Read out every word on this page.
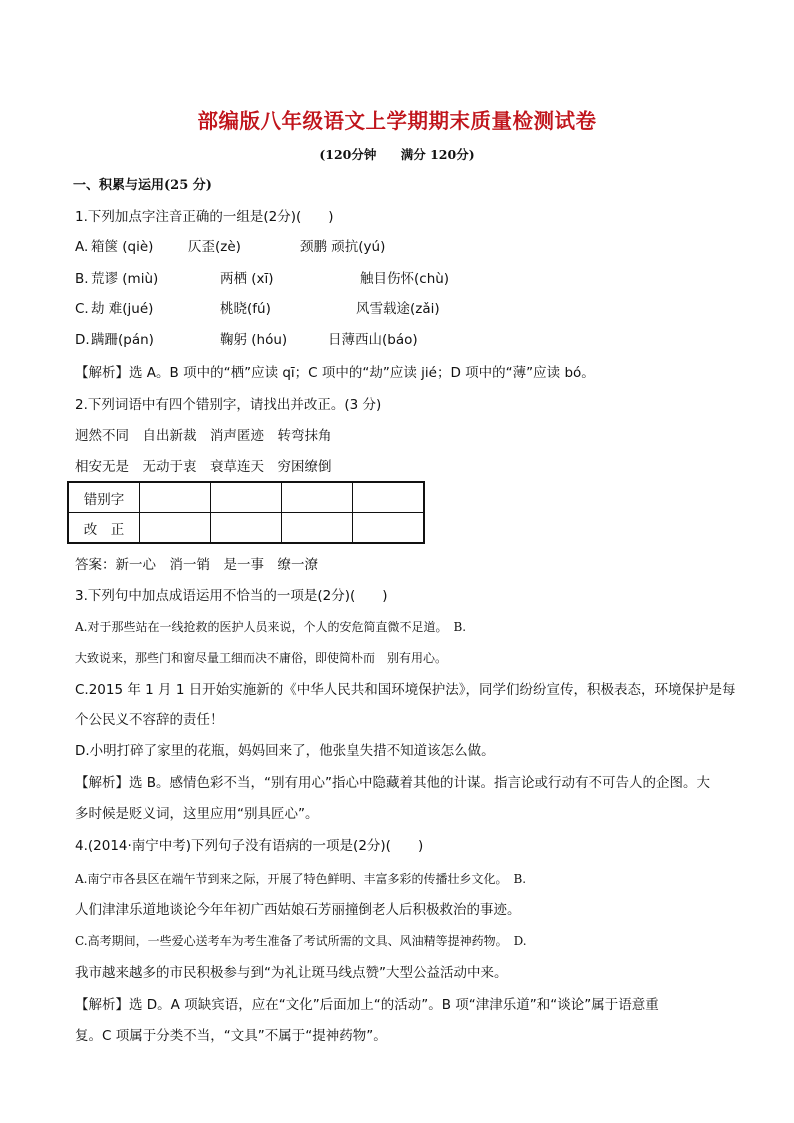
部编版八年级语文上学期期末质量检测试卷
(120分钟 满分 120分)
一、积累与运用(25 分)
1.下列加点字注音正确的一组是(2分)(　　)
A. 箱箧 (qiè)	仄歪(zè)	颈鹏 顽抗(yú)
B. 荒谬 (miù)	两栖 (xī)	触目伤怀(chù)
C. 劫 难(jué)	桃晓(fú)	风雪载途(zǎi)
D. 蹒跚(pán)	鞠躬 (hóu)	日薄西山(báo)
【解析】选 A。B 项中的“栖”应读 qī；C 项中的“劫”应读 jié；D 项中的“薄”应读 bó。
2.下列词语中有四个错别字，请找出并改正。(3 分)
迥然不同　自出新裁　消声匿迹　转弯抹角
相安无是　无动于衷　衰草连天　穷困缭倒
错别字				
改　正				
答案：新一心　消一销　是一事　缭一潦
3.下列句中加点成语运用不恰当的一项是(2分)(　　)
A.对于那些站在一线抢救的医护人员来说，个人的安危简直微不足道。　B.
大致说来，那些门和窗尽量工细而决不庸俗，即使简朴而　别有用心。
C.2015 年 1 月 1 日开始实施新的《中华人民共和国环境保护法》，同学们纷纷宣传，积极表态，环境保护是每
个公民义不容辞的责任！
D.小明打碎了家里的花瓶，妈妈回来了，他张皇失措不知道该怎么做。
【解析】选 B。感情色彩不当，“别有用心”指心中隐藏着其他的计谋。指言论或行动有不可告人的企图。大
多时候是贬义词，这里应用“别具匠心”。
4.(2014·南宁中考)下列句子没有语病的一项是(2分)(　　)
A.南宁市各县区在端午节到来之际，开展了特色鲜明、丰富多彩的传播壮乡文化。　B.
人们津津乐道地谈论今年年初广西姑娘石芳丽撞倒老人后积极救治的事迹。
C.高考期间，一些爱心送考车为考生准备了考试所需的文具、风油精等提神药物。　D.
我市越来越多的市民积极参与到“为礼让斑马线点赞”大型公益活动中来。
【解析】选 D。A 项缺宾语，应在“文化”后面加上“的活动”。B 项“津津乐道”和“谈论”属于语意重
复。C 项属于分类不当，“文具”不属于“提神药物”。
